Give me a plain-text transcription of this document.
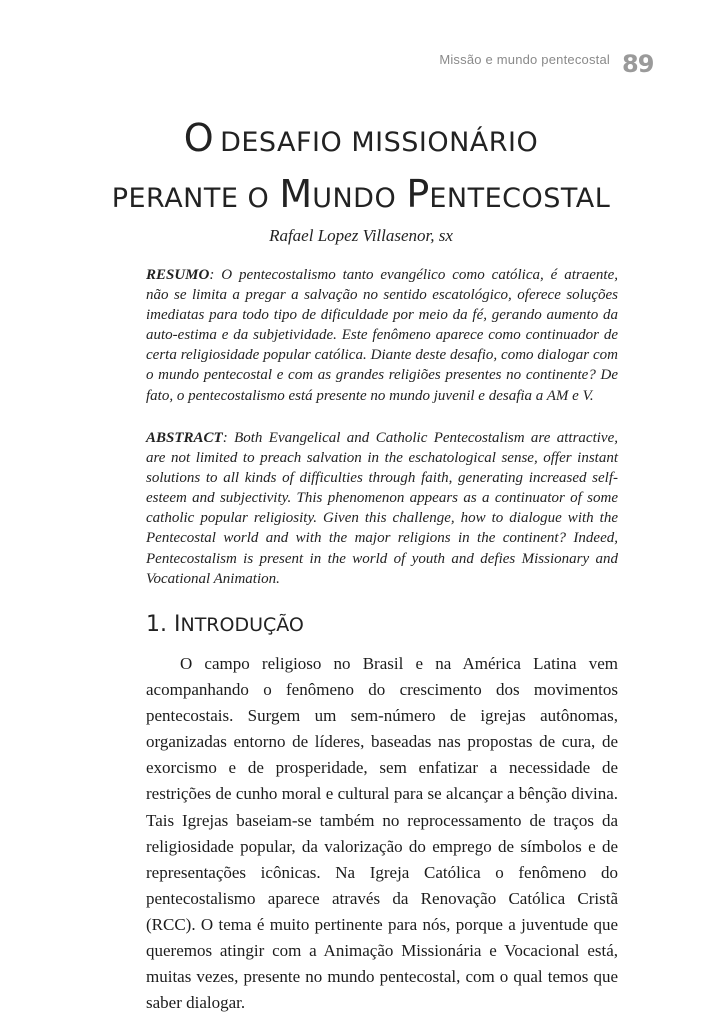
Missão e mundo pentecostal 89
O  DESAFIO MISSIONÁRIO
PERANTE O MUNDO PENTECOSTAL
Rafael Lopez Villasenor, sx

RESUMO: O pentecostalismo tanto evangélico como católica, é atraente, não se limita a pregar a salvação no sentido escatológico, oferece soluções imediatas para todo tipo de dificuldade por meio da fé, gerando aumento da auto-estima e da subjetividade. Este fenômeno aparece como continuador de certa religiosidade popular católica. Diante deste desafio, como dialogar com o mundo pentecostal e com as grandes religiões presentes no continente? De fato, o pentecostalismo está presente no mundo juvenil e desafia a AM e V.

ABSTRACT: Both Evangelical and Catholic Pentecostalism are attractive, are not limited to preach salvation in the eschatological sense, offer instant solutions to all kinds of difficulties through faith, generating increased self-esteem and subjectivity. This phenomenon appears as a continuator of some catholic popular religiosity. Given this challenge, how to dialogue with the Pentecostal world and with the major religions in the continent? Indeed, Pentecostalism is present in the world of youth and defies Missionary and Vocational Animation.

1. INTRODUÇÃO

O campo religioso no Brasil e na América Latina vem acompanhando o fenômeno do crescimento dos movimentos pentecostais. Surgem um sem-número de igrejas autônomas, organizadas entorno de líderes, baseadas nas propostas de cura, de exorcismo e de prosperidade, sem enfatizar a necessidade de restrições de cunho moral e cultural para se alcançar a bênção divina. Tais Igrejas baseiam-se também no reprocessamento de traços da religiosidade popular, da valorização do emprego de símbolos e de representações icônicas. Na Igreja Católica o fenômeno do pentecostalismo aparece através da Renovação Católica Cristã (RCC). O tema é muito pertinente para nós, porque a juventude que queremos atingir com a Animação Missionária e Vocacional está, muitas vezes, presente no mundo pentecostal, com o qual temos que saber dialogar.
